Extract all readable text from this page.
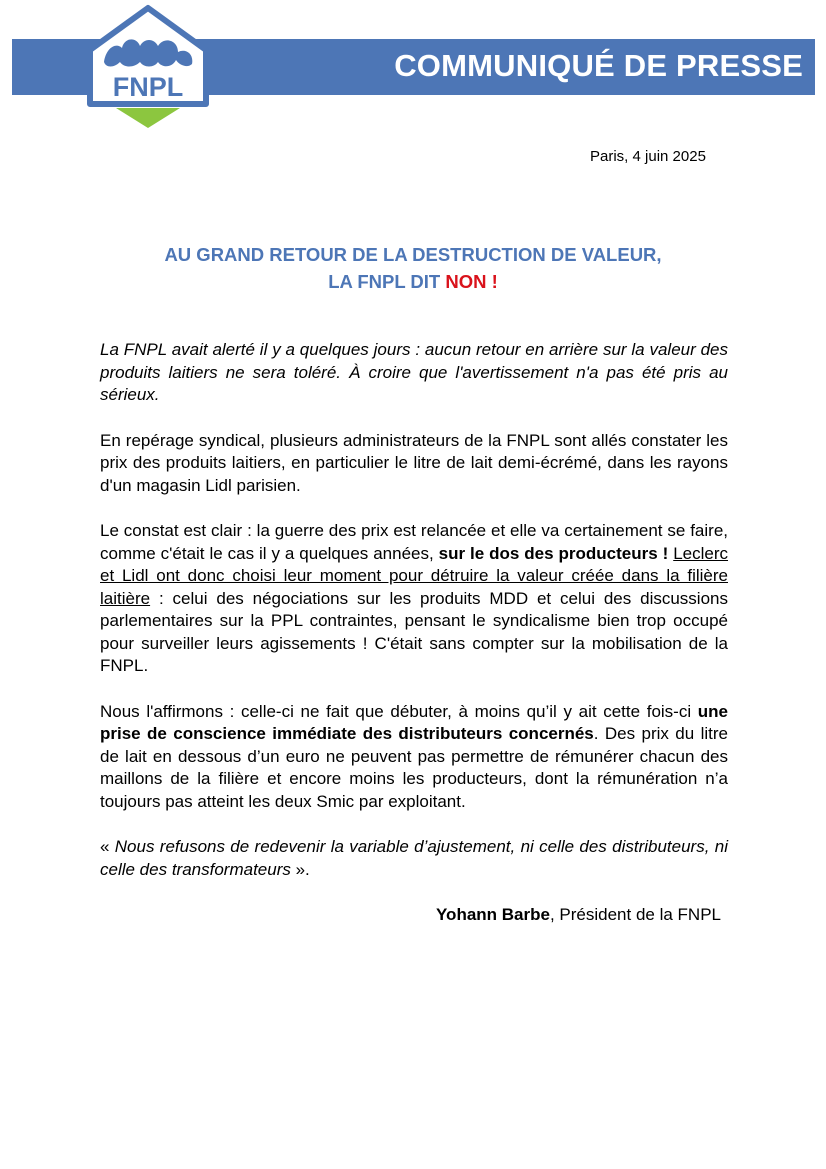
COMMUNIQUÉ DE PRESSE
FNPL
Paris, 4 juin 2025
AU GRAND RETOUR DE LA DESTRUCTION DE VALEUR,
LA FNPL DIT NON !

La FNPL avait alerté il y a quelques jours : aucun retour en arrière sur la valeur des produits laitiers ne sera toléré. À croire que l'avertissement n'a pas été pris au sérieux.

En repérage syndical, plusieurs administrateurs de la FNPL sont allés constater les prix des produits laitiers, en particulier le litre de lait demi-écrémé, dans les rayons d'un magasin Lidl parisien.

Le constat est clair : la guerre des prix est relancée et elle va certainement se faire, comme c'était le cas il y a quelques années, sur le dos des producteurs ! Leclerc et Lidl ont donc choisi leur moment pour détruire la valeur créée dans la filière laitière : celui des négociations sur les produits MDD et celui des discussions parlementaires sur la PPL contraintes, pensant le syndicalisme bien trop occupé pour surveiller leurs agissements ! C'était sans compter sur la mobilisation de la FNPL.

Nous l'affirmons : celle-ci ne fait que débuter, à moins qu’il y ait cette fois-ci une prise de conscience immédiate des distributeurs concernés. Des prix du litre de lait en dessous d’un euro ne peuvent pas permettre de rémunérer chacun des maillons de la filière et encore moins les producteurs, dont la rémunération n’a toujours pas atteint les deux Smic par exploitant.

« Nous refusons de redevenir la variable d’ajustement, ni celle des distributeurs, ni celle des transformateurs ».

Yohann Barbe, Président de la FNPL
